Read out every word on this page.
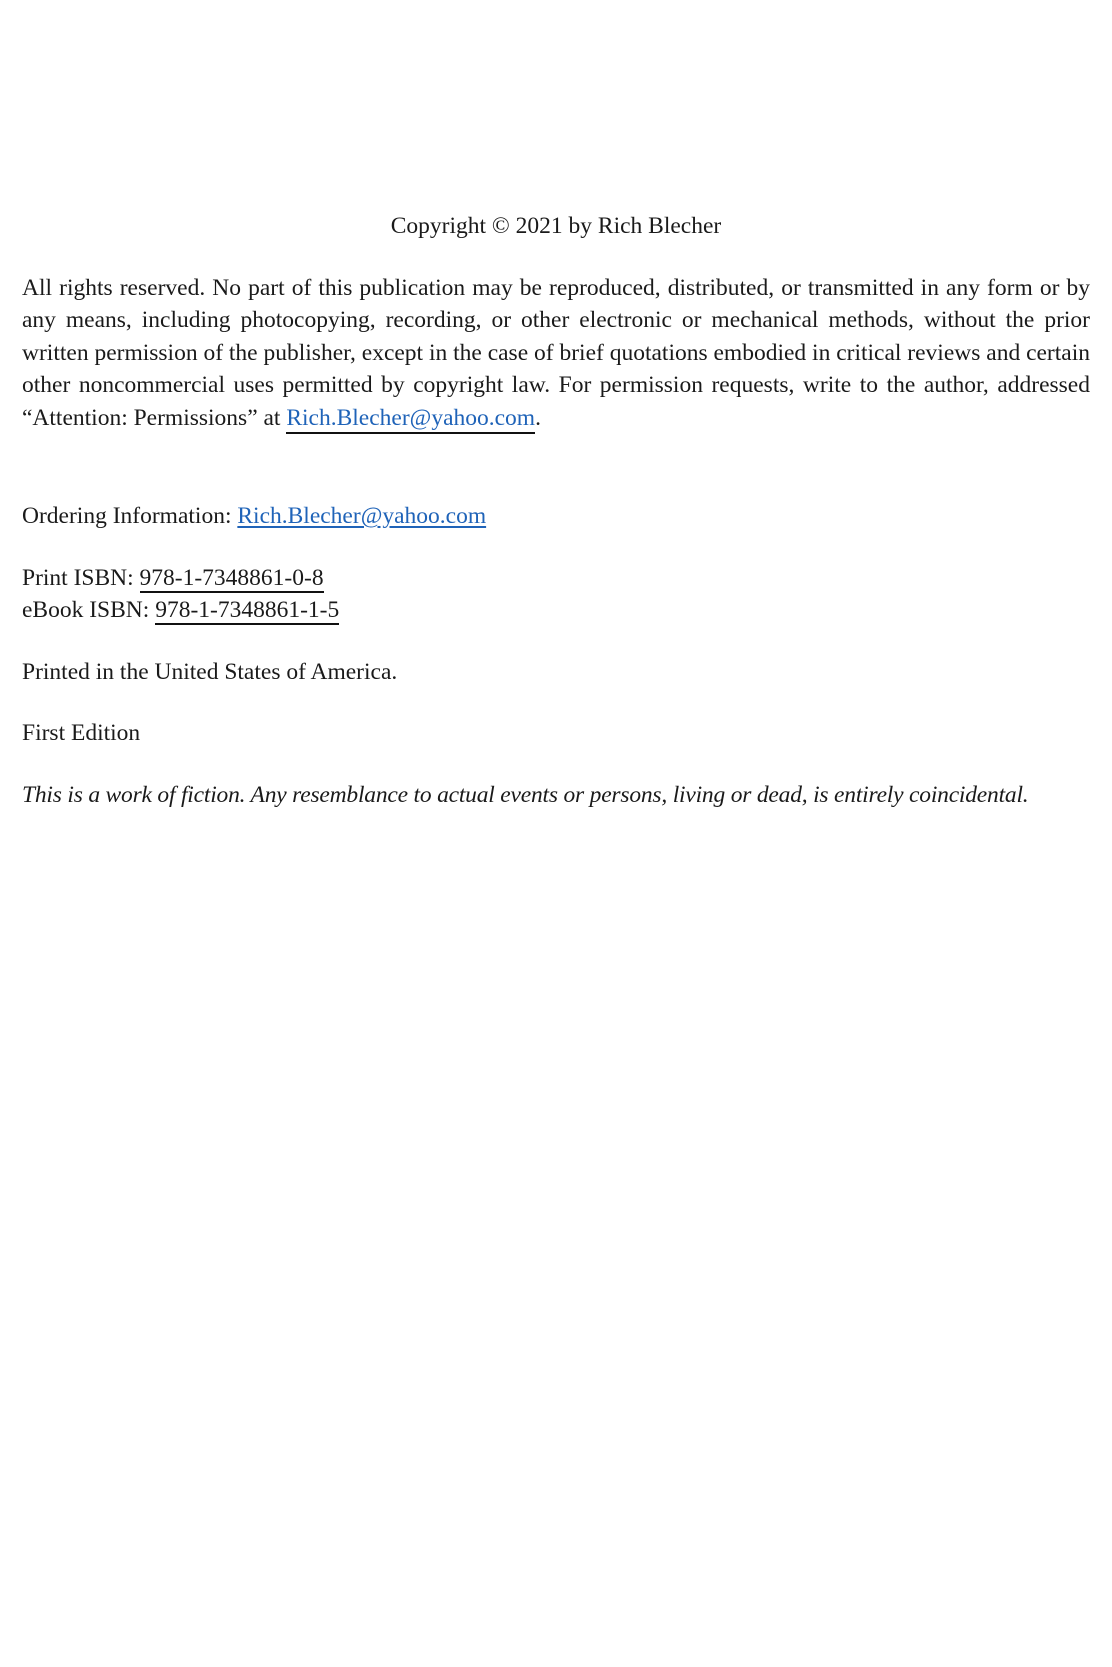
Copyright © 2021 by Rich Blecher

All rights reserved. No part of this publication may be reproduced, distributed, or transmitted in any form or by any means, including photocopying, recording, or other electronic or mechanical methods, without the prior written permission of the publisher, except in the case of brief quotations embodied in critical reviews and certain other noncommercial uses permitted by copyright law. For permission requests, write to the author, addressed “Attention: Permissions” at Rich.Blecher@yahoo.com.

Ordering Information: Rich.Blecher@yahoo.com

Print ISBN: 978-1-7348861-0-8
eBook ISBN: 978-1-7348861-1-5

Printed in the United States of America.

First Edition

This is a work of fiction. Any resemblance to actual events or persons, living or dead, is entirely coincidental.
